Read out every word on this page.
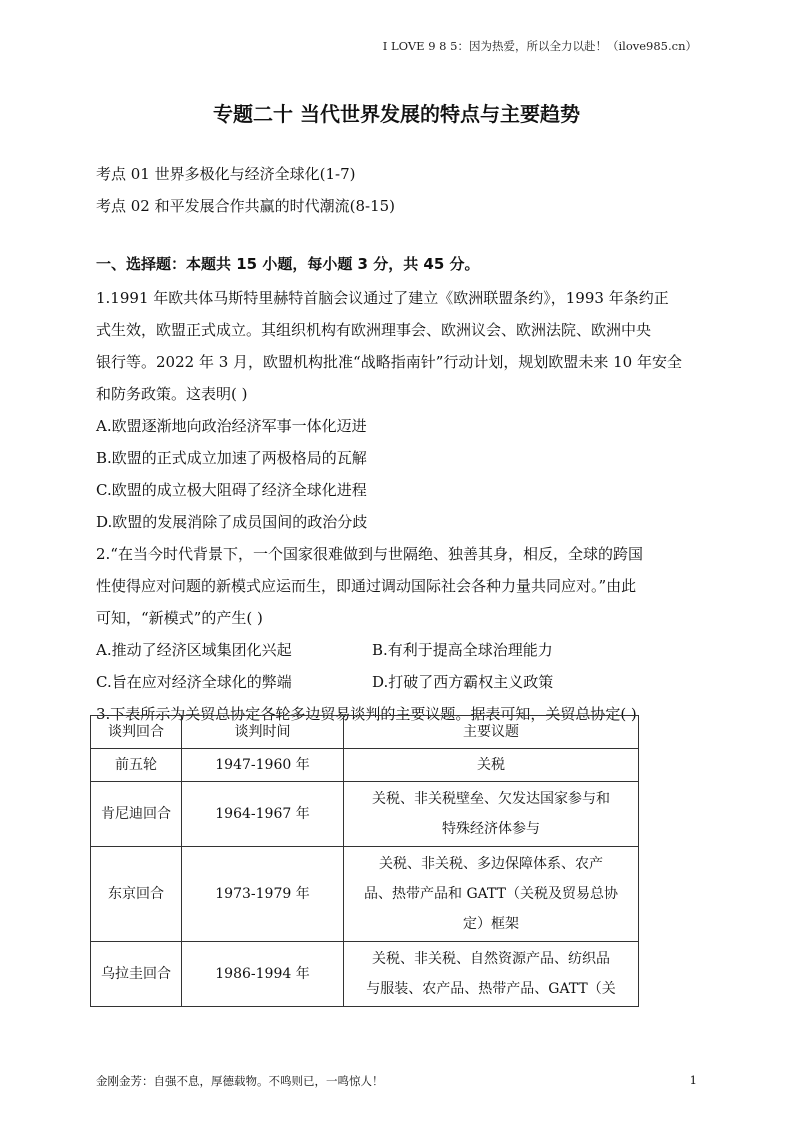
I LOVE 9 8 5：因为热爱，所以全力以赴！（ilove985.cn）
专题二十 当代世界发展的特点与主要趋势
考点 01 世界多极化与经济全球化(1-7)
考点 02 和平发展合作共赢的时代潮流(8-15)
一、选择题：本题共 15 小题，每小题 3 分，共 45 分。
1.1991 年欧共体马斯特里赫特首脑会议通过了建立《欧洲联盟条约》，1993 年条约正
式生效，欧盟正式成立。其组织机构有欧洲理事会、欧洲议会、欧洲法院、欧洲中央
银行等。2022 年 3 月，欧盟机构批准“战略指南针”行动计划，规划欧盟未来 10 年安全
和防务政策。这表明( )
A.欧盟逐渐地向政治经济军事一体化迈进
B.欧盟的正式成立加速了两极格局的瓦解
C.欧盟的成立极大阻碍了经济全球化进程
D.欧盟的发展消除了成员国间的政治分歧
2.“在当今时代背景下，一个国家很难做到与世隔绝、独善其身，相反，全球的跨国
性使得应对问题的新模式应运而生，即通过调动国际社会各种力量共同应对。”由此
可知，“新模式”的产生( )
A.推动了经济区域集团化兴起	B.有利于提高全球治理能力
C.旨在应对经济全球化的弊端	D.打破了西方霸权主义政策
3.下表所示为关贸总协定各轮多边贸易谈判的主要议题。据表可知，关贸总协定( )
谈判回合	谈判时间	主要议题
前五轮	1947-1960 年	关税

肯尼迪回合	1964-1967 年	关税、非关税壁垒、欠发达国家参与和
特殊经济体参与

东京回合	1973-1979 年	关税、非关税、多边保障体系、农产
品、热带产品和 GATT（关税及贸易总协
定）框架

乌拉圭回合	1986-1994 年	关税、非关税、自然资源产品、纺织品
与服装、农产品、热带产品、GATT（关
金刚金芳：自强不息，厚德载物。不鸣则已，一鸣惊人！	1
